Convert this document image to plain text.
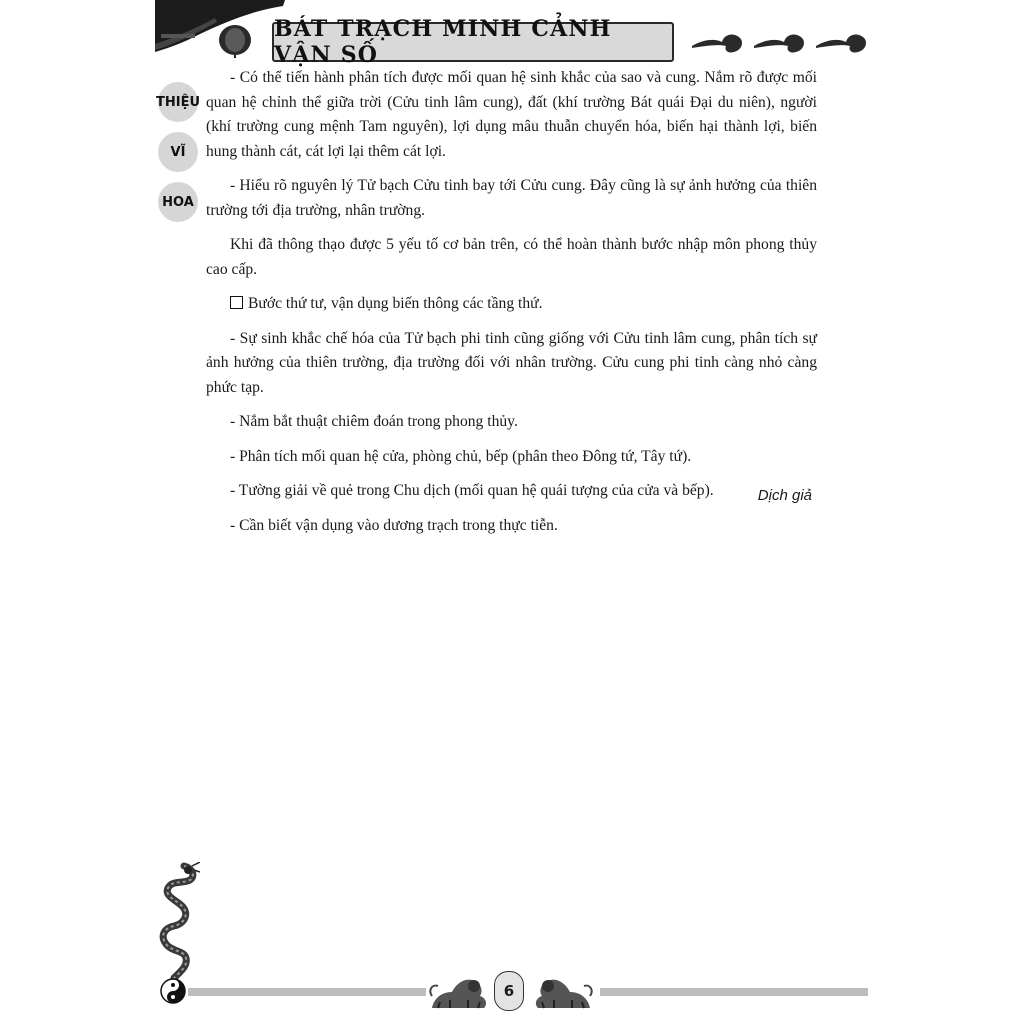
BÁT TRẠCH MINH CẢNH VẬN SỐ
THIỆU
VĨ
HOA

- Có thể tiến hành phân tích được mối quan hệ sinh khắc của sao và cung. Nắm rõ được mối quan hệ chỉnh thể giữa trời (Cửu tinh lâm cung), đất (khí trường Bát quái Đại du niên), người (khí trường cung mệnh Tam nguyên), lợi dụng mâu thuẫn chuyển hóa, biến hại thành lợi, biến hung thành cát, cát lợi lại thêm cát lợi.

- Hiểu rõ nguyên lý Tử bạch Cửu tinh bay tới Cửu cung. Đây cũng là sự ảnh hưởng của thiên trường tới địa trường, nhân trường.

Khi đã thông thạo được 5 yếu tố cơ bản trên, có thể hoàn thành bước nhập môn phong thủy cao cấp.

Bước thứ tư, vận dụng biến thông các tầng thứ.

- Sự sinh khắc chế hóa của Tử bạch phi tinh cũng giống với Cửu tinh lâm cung, phân tích sự ảnh hưởng của thiên trường, địa trường đối với nhân trường. Cửu cung phi tinh càng nhỏ càng phức tạp.

- Nắm bắt thuật chiêm đoán trong phong thủy.

- Phân tích mối quan hệ cửa, phòng chủ, bếp (phân theo Đông tứ, Tây tứ).

- Tường giải về quẻ trong Chu dịch (mối quan hệ quái tượng của cửa và bếp).

- Cần biết vận dụng vào dương trạch trong thực tiễn.

Dịch giả
6
